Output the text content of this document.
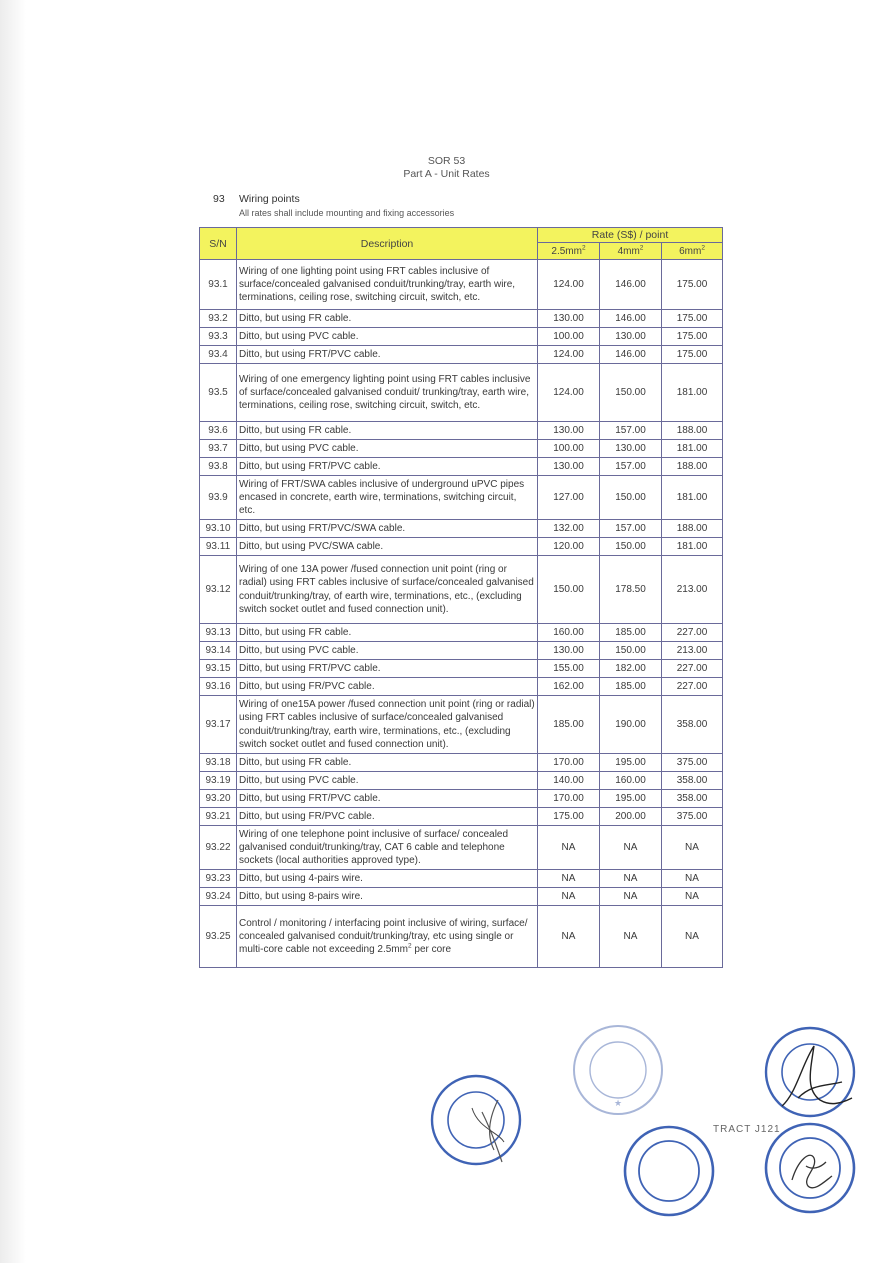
SOR 53
Part A - Unit Rates
93 Wiring points
All rates shall include mounting and fixing accessories
S/N	Description	Rate (S$) / point		
		$2.5mm^2$	$4mm^2$	$6mm^2$
93.1	Wiring of one lighting point using FRT cables inclusive of surface/concealed galvanised conduit/trunking/tray, earth wire, terminations, ceiling rose, switching circuit, switch, etc.	124.00	146.00	175.00
93.2	Ditto, but using FR cable.	130.00	146.00	175.00
93.3	Ditto, but using PVC cable.	100.00	130.00	175.00
93.4	Ditto, but using FRT/PVC cable.	124.00	146.00	175.00
93.5	Wiring of one emergency lighting point using FRT cables inclusive of surface/concealed galvanised conduit/ trunking/tray, earth wire, terminations, ceiling rose, switching circuit, switch, etc.	124.00	150.00	181.00
93.6	Ditto, but using FR cable.	130.00	157.00	188.00
93.7	Ditto, but using PVC cable.	100.00	130.00	181.00
93.8	Ditto, but using FRT/PVC cable.	130.00	157.00	188.00
93.9	Wiring of FRT/SWA cables inclusive of underground uPVC pipes encased in concrete, earth wire, terminations, switching circuit, etc.	127.00	150.00	181.00
93.10	Ditto, but using FRT/PVC/SWA cable.	132.00	157.00	188.00
93.11	Ditto, but using PVC/SWA cable.	120.00	150.00	181.00
93.12	Wiring of one 13A power /fused connection unit point (ring or radial) using FRT cables inclusive of surface/concealed galvanised conduit/trunking/tray, of earth wire, terminations, etc., (excluding switch socket outlet and fused connection unit).	150.00	178.50	213.00
93.13	Ditto, but using FR cable.	160.00	185.00	227.00
93.14	Ditto, but using PVC cable.	130.00	150.00	213.00
93.15	Ditto, but using FRT/PVC cable.	155.00	182.00	227.00
93.16	Ditto, but using FR/PVC cable.	162.00	185.00	227.00
93.17	Wiring of one15A power /fused connection unit point (ring or radial) using FRT cables inclusive of surface/concealed galvanised conduit/trunking/tray, earth wire, terminations, etc., (excluding switch socket outlet and fused connection unit).	185.00	190.00	358.00
93.18	Ditto, but using FR cable.	170.00	195.00	375.00
93.19	Ditto, but using PVC cable.	140.00	160.00	358.00
93.20	Ditto, but using FRT/PVC cable.	170.00	195.00	358.00
93.21	Ditto, but using FR/PVC cable.	175.00	200.00	375.00
93.22	Wiring of one telephone point inclusive of surface/ concealed galvanised conduit/trunking/tray, CAT 6 cable and telephone sockets (local authorities approved type).	NA	NA	NA
93.23	Ditto, but using 4-pairs wire.	NA	NA	NA
93.24	Ditto, but using 8-pairs wire.	NA	NA	NA
93.25	Control / monitoring / interfacing point inclusive of wiring, surface/ concealed galvanised conduit/trunking/tray, etc using single or multi-core cable not exceeding $2.5mm^2$ per core	NA	NA	NA
★
TRACT J121
